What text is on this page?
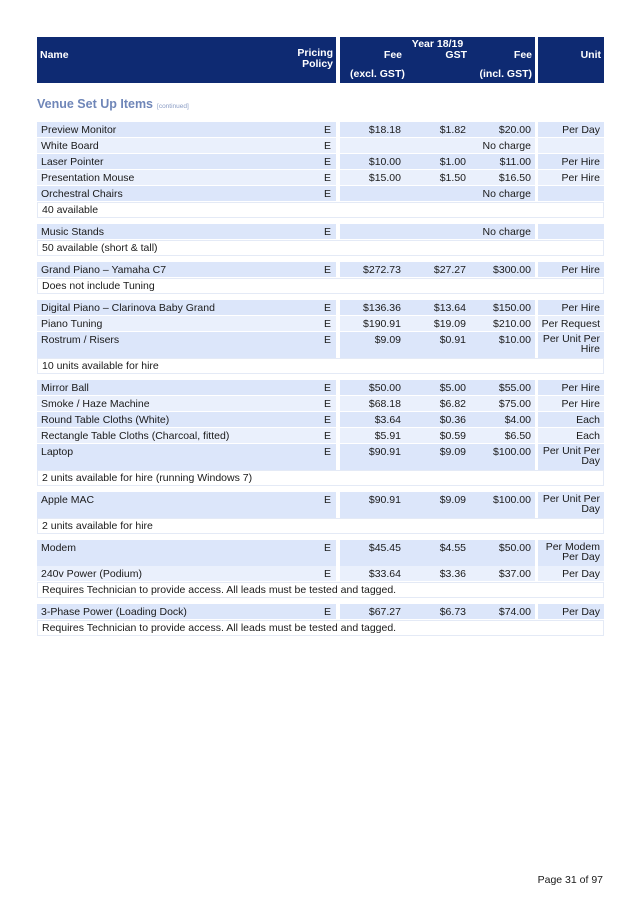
Name	Pricing
Policy
Year 18/19
Fee	GST	Fee
(excl. GST)	(incl. GST)
Unit
Venue Set Up Items [continued]
Preview Monitor	E	$18.18	$1.82	$20.00	Per Day
White Board	E	No charge
Laser Pointer	E	$10.00	$1.00	$11.00	Per Hire
Presentation Mouse	E	$15.00	$1.50	$16.50	Per Hire
Orchestral Chairs	E	No charge
40 available
Music Stands	E	No charge
50 available (short & tall)
Grand Piano – Yamaha C7	E	$272.73	$27.27	$300.00	Per Hire
Does not include Tuning
Digital Piano – Clarinova Baby Grand	E	$136.36	$13.64	$150.00	Per Hire
Piano Tuning	E	$190.91	$19.09	$210.00	Per Request
Rostrum / Risers	E	$9.09	$0.91	$10.00	Per Unit Per
Hire
10 units available for hire
Mirror Ball	E	$50.00	$5.00	$55.00	Per Hire
Smoke / Haze Machine	E	$68.18	$6.82	$75.00	Per Hire
Round Table Cloths (White)	E	$3.64	$0.36	$4.00	Each
Rectangle Table Cloths (Charcoal, fitted)	E	$5.91	$0.59	$6.50	Each
Laptop	E	$90.91	$9.09	$100.00	Per Unit Per
Day
2 units available for hire (running Windows 7)
Apple MAC	E	$90.91	$9.09	$100.00	Per Unit Per
Day
2 units available for hire
Modem	E	$45.45	$4.55	$50.00	Per Modem
Per Day
240v Power (Podium)	E	$33.64	$3.36	$37.00	Per Day
Requires Technician to provide access. All leads must be tested and tagged.
3-Phase Power (Loading Dock)	E	$67.27	$6.73	$74.00	Per Day
Requires Technician to provide access. All leads must be tested and tagged.
Page 31 of 97
